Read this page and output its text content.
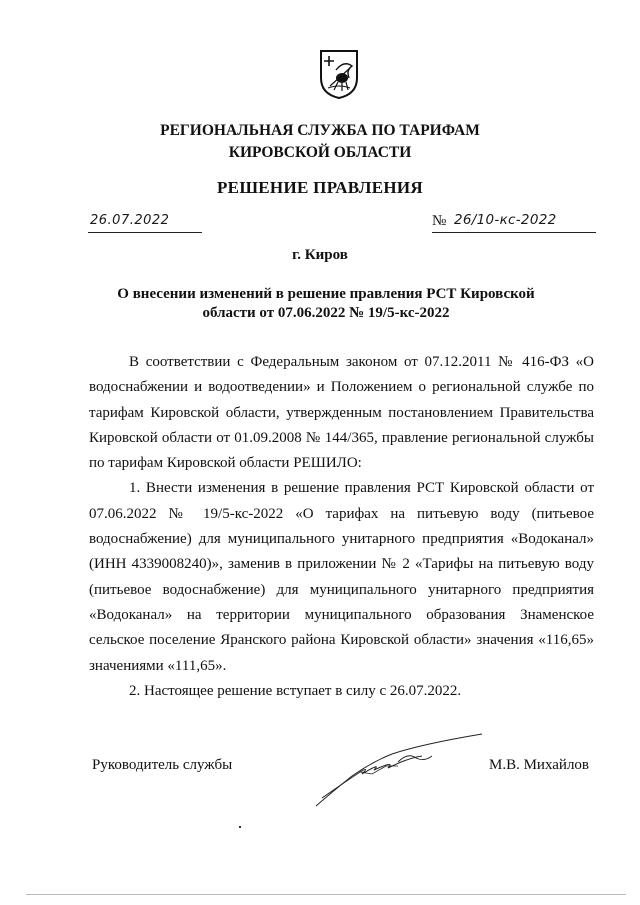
РЕГИОНАЛЬНАЯ СЛУЖБА ПО ТАРИФАМ
КИРОВСКОЙ ОБЛАСТИ
РЕШЕНИЕ ПРАВЛЕНИЯ
26.07.2022	№ 26/10-кс-2022
г. Киров
О внесении изменений в решение правления РСТ Кировской
области от 07.06.2022 № 19/5-кс-2022

В соответствии с Федеральным законом от 07.12.2011 № 416-ФЗ «О водоснабжении и водоотведении» и Положением о региональной службе по тарифам Кировской области, утвержденным постановлением Правительства Кировской области от 01.09.2008 № 144/365, правление региональной службы по тарифам Кировской области РЕШИЛО:

1. Внести изменения в решение правления РСТ Кировской области от 07.06.2022 № 19/5-кс-2022 «О тарифах на питьевую воду (питьевое водоснабжение) для муниципального унитарного предприятия «Водоканал» (ИНН 4339008240)», заменив в приложении № 2 «Тарифы на питьевую воду (питьевое водоснабжение) для муниципального унитарного предприятия «Водоканал» на территории муниципального образования Знаменское сельское поселение Яранского района Кировской области» значения «116,65» значениями «111,65».

2. Настоящее решение вступает в силу с 26.07.2022.

Руководитель службы	М.В. Михайлов
